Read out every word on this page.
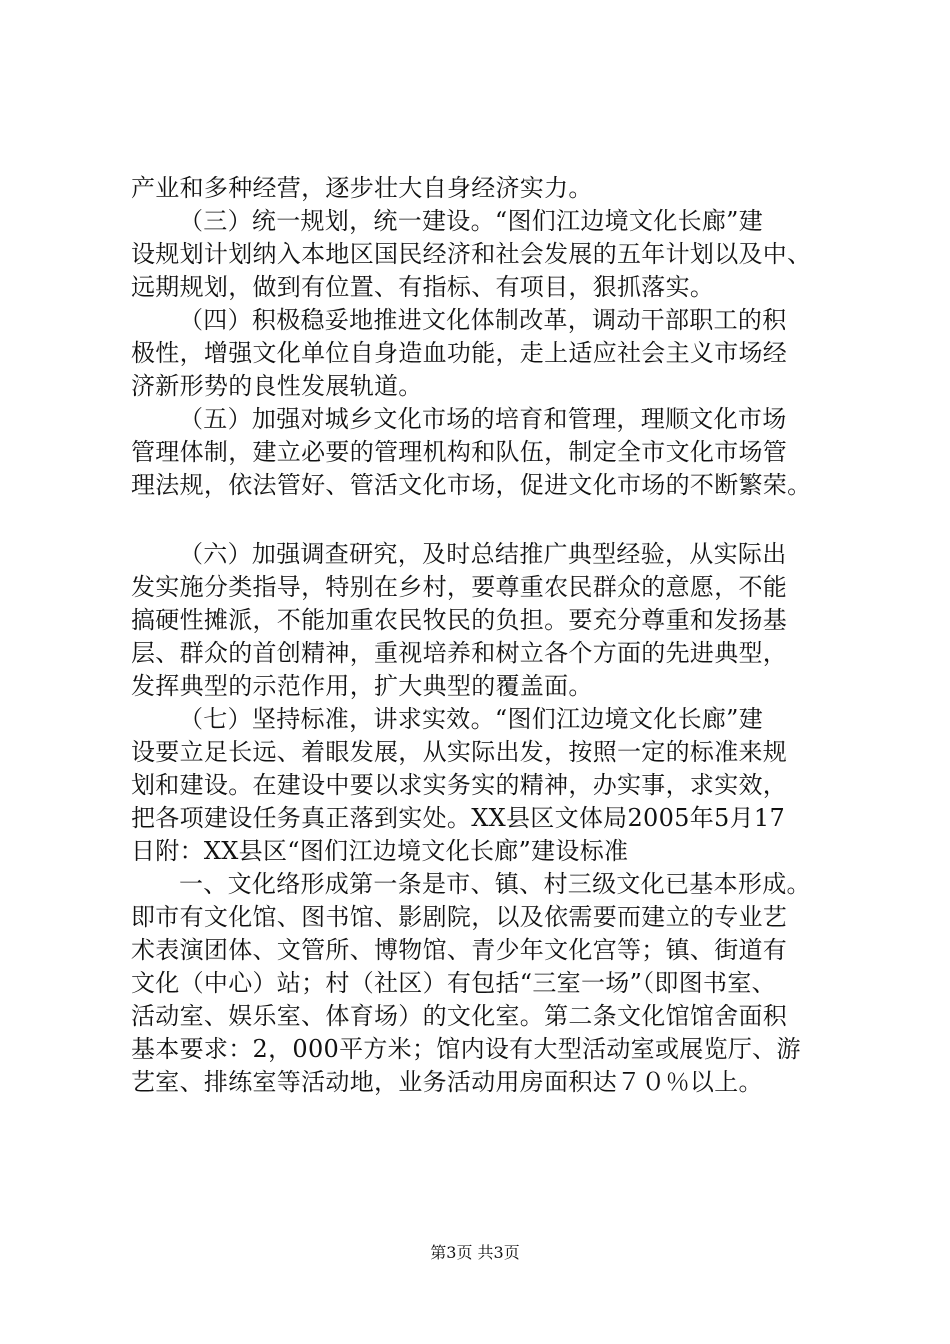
产业和多种经营，逐步壮大自身经济实力。
（三）统一规划，统一建设。“图们江边境文化长廊”建
设规划计划纳入本地区国民经济和社会发展的五年计划以及中、
远期规划，做到有位置、有指标、有项目，狠抓落实。
（四）积极稳妥地推进文化体制改革，调动干部职工的积
极性，增强文化单位自身造血功能，走上适应社会主义市场经
济新形势的良性发展轨道。
（五）加强对城乡文化市场的培育和管理，理顺文化市场
管理体制，建立必要的管理机构和队伍，制定全市文化市场管
理法规，依法管好、管活文化市场，促进文化市场的不断繁荣。
（六）加强调查研究，及时总结推广典型经验，从实际出
发实施分类指导，特别在乡村，要尊重农民群众的意愿，不能
搞硬性摊派，不能加重农民牧民的负担。要充分尊重和发扬基
层、群众的首创精神，重视培养和树立各个方面的先进典型，
发挥典型的示范作用，扩大典型的覆盖面。
（七）坚持标准，讲求实效。“图们江边境文化长廊”建
设要立足长远、着眼发展，从实际出发，按照一定的标准来规
划和建设。在建设中要以求实务实的精神，办实事，求实效，
把各项建设任务真正落到实处。XX县区文体局2005年5月17
日附：XX县区“图们江边境文化长廊”建设标准
一、文化络形成第一条是市、镇、村三级文化已基本形成。
即市有文化馆、图书馆、影剧院，以及依需要而建立的专业艺
术表演团体、文管所、博物馆、青少年文化宫等；镇、街道有
文化（中心）站；村（社区）有包括“三室一场”（即图书室、
活动室、娱乐室、体育场）的文化室。第二条文化馆馆舍面积
基本要求：2，000平方米；馆内设有大型活动室或展览厅、游
艺室、排练室等活动地，业务活动用房面积达７０％以上。
第3页 共3页
